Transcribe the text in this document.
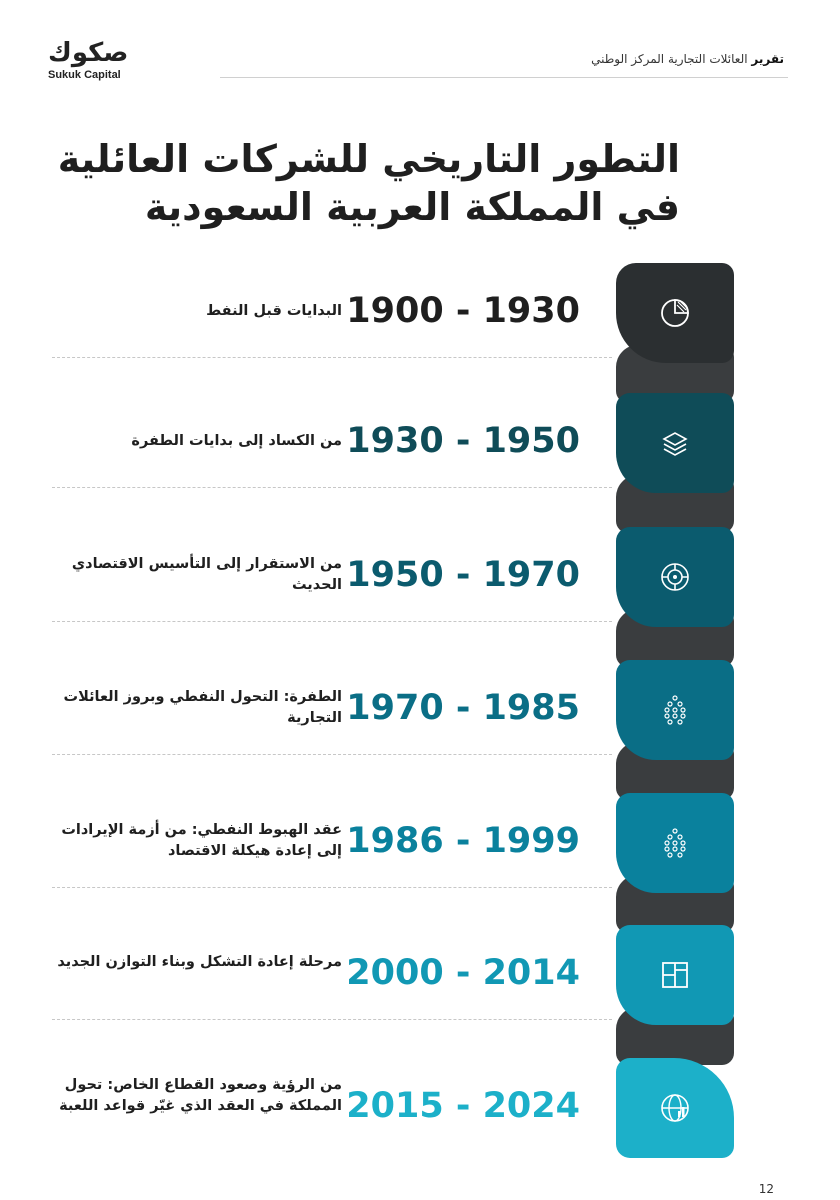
صكوك
Sukuk Capital
تقرير العائلات التجارية المركز الوطني
التطور التاريخي للشركات العائلية
في المملكة العربية السعودية
1900 - 1930
البدايات قبل النفط
1930 - 1950
من الكساد إلى بدايات الطفرة
1950 - 1970
من الاستقرار إلى التأسيس الاقتصادي الحديث
1970 - 1985
الطفرة: التحول النفطي وبروز العائلات التجارية
1986 - 1999
عقد الهبوط النفطي: من أزمة الإيرادات إلى إعادة هيكلة الاقتصاد
2000 - 2014
مرحلة إعادة التشكل وبناء التوازن الجديد
2015 - 2024
من الرؤية وصعود القطاع الخاص: تحول المملكة في العقد الذي غيّر قواعد اللعبة
12
